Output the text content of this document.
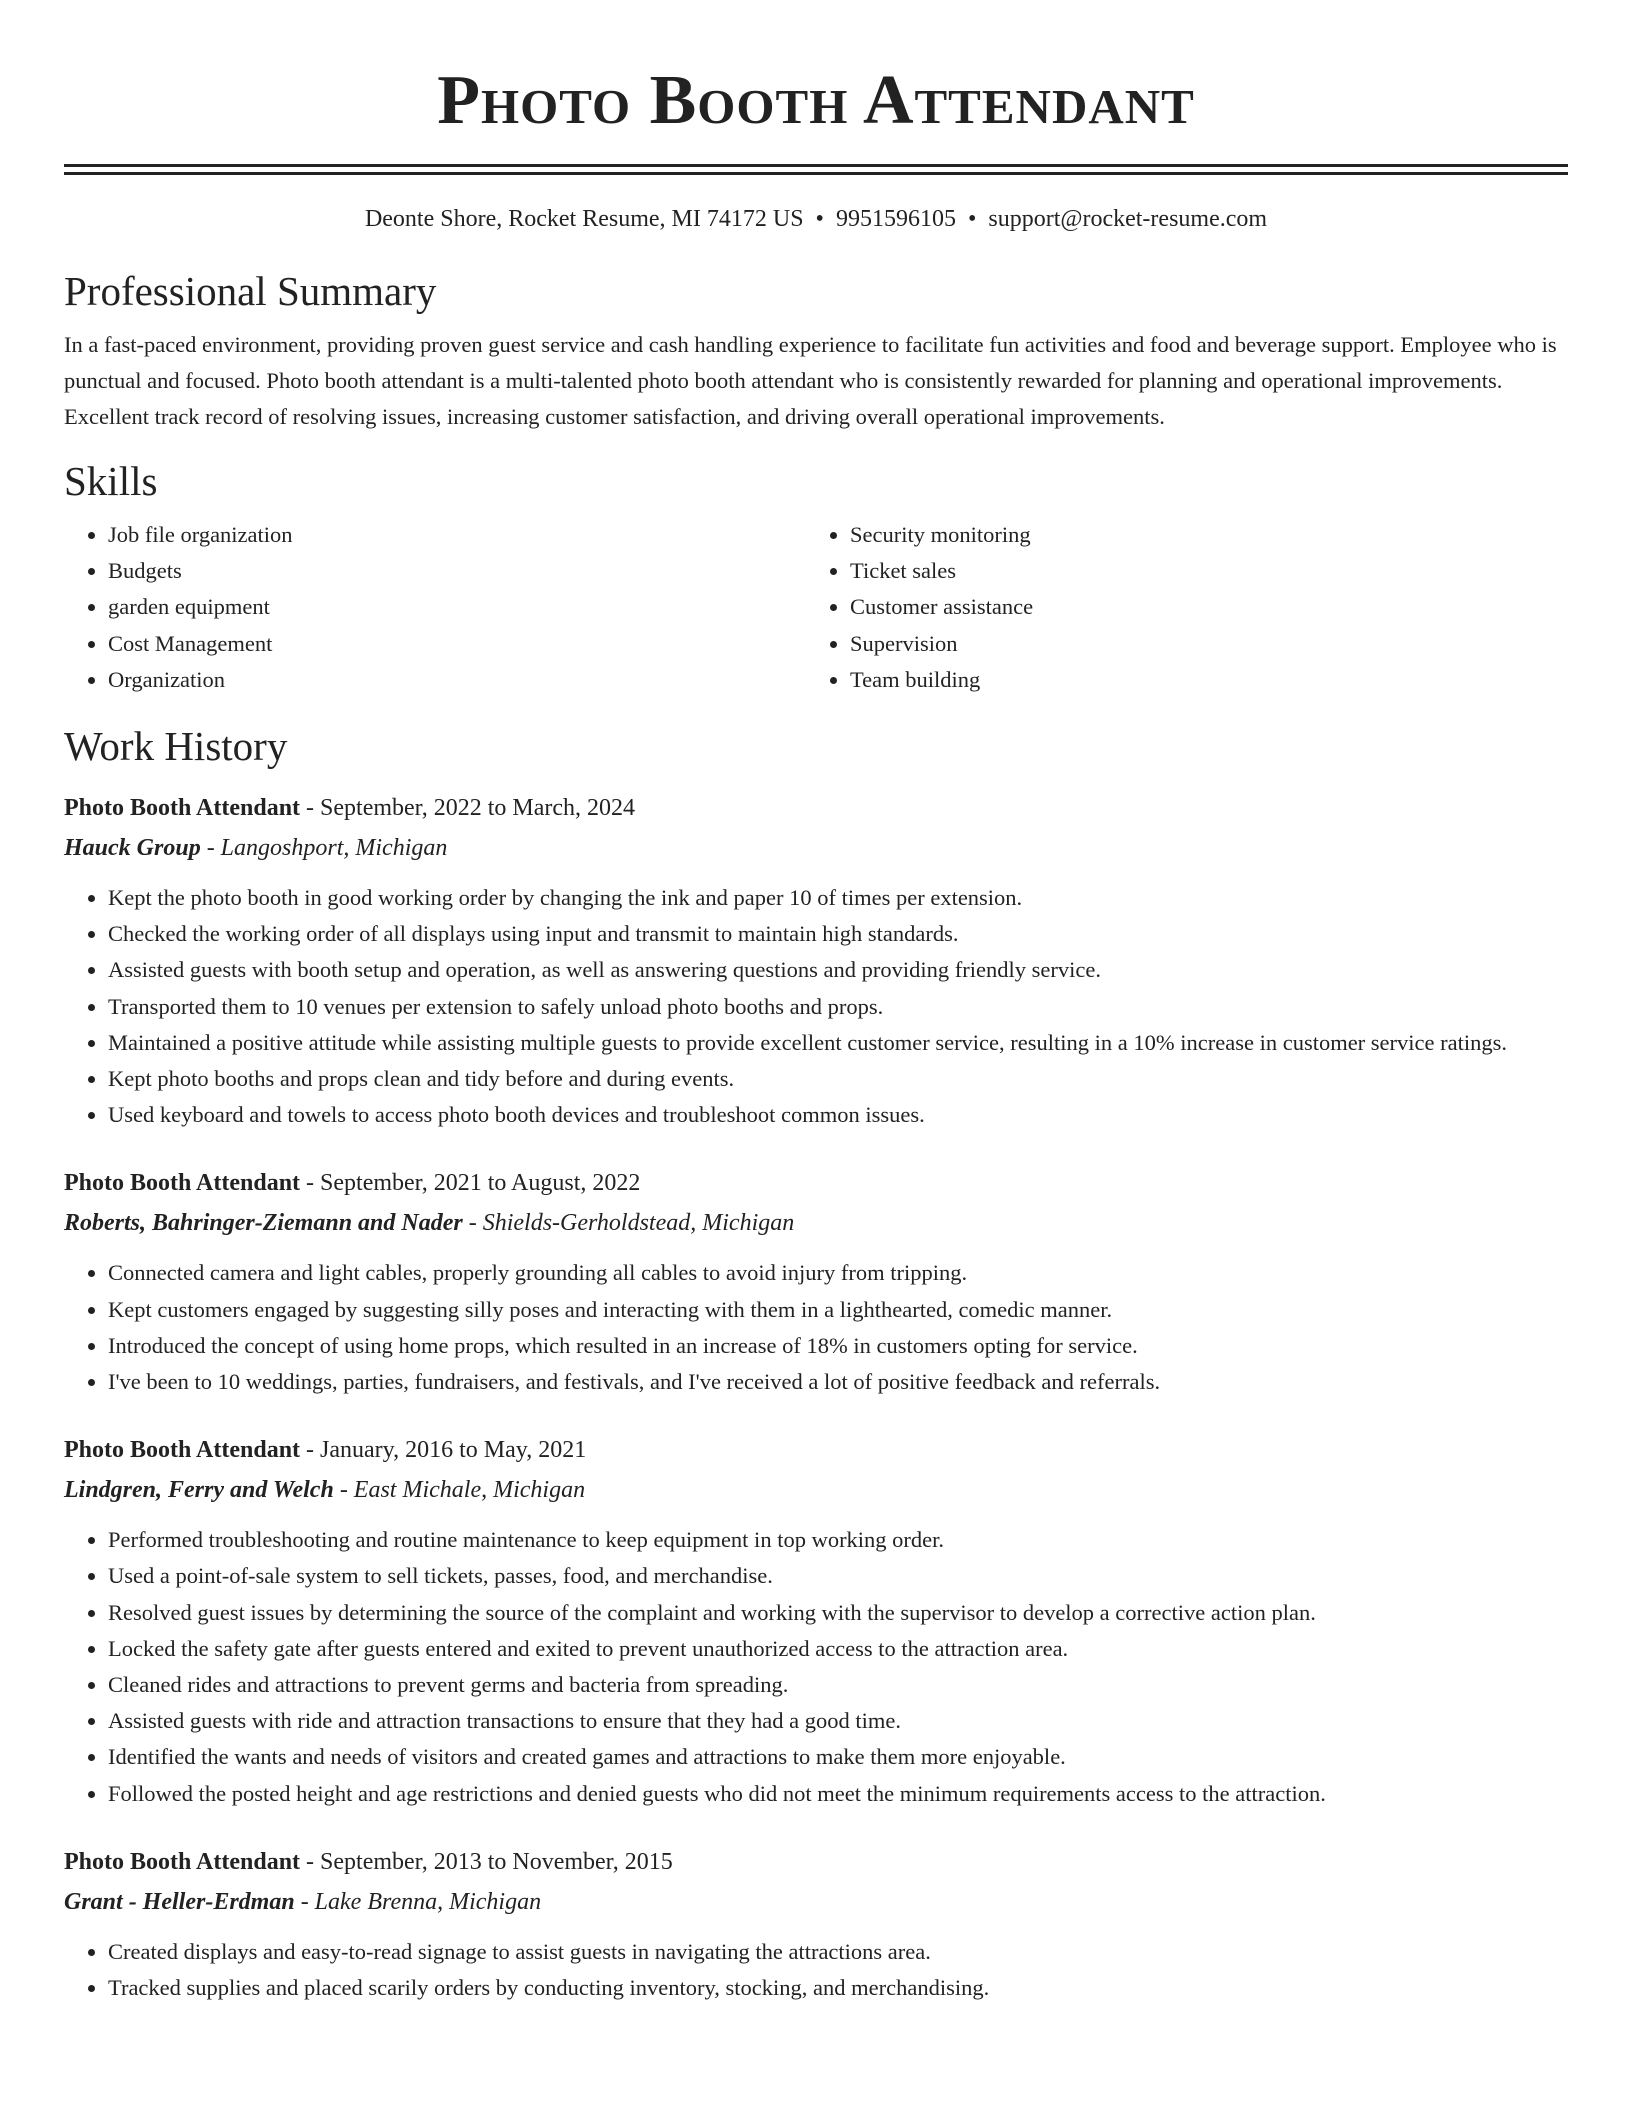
Photo Booth Attendant
Deonte Shore, Rocket Resume, MI 74172 US • 9951596105 • support@rocket-resume.com
Professional Summary

In a fast-paced environment, providing proven guest service and cash handling experience to facilitate fun activities and food and beverage support. Employee who is punctual and focused. Photo booth attendant is a multi-talented photo booth attendant who is consistently rewarded for planning and operational improvements. Excellent track record of resolving issues, increasing customer satisfaction, and driving overall operational improvements.

Skills
• Job file organization
• Budgets
• garden equipment
• Cost Management
• Organization
• Security monitoring
• Ticket sales
• Customer assistance
• Supervision
• Team building
Work History
Photo Booth Attendant - September, 2022 to March, 2024
Hauck Group - Langoshport, Michigan
• Kept the photo booth in good working order by changing the ink and paper 10 of times per extension.
• Checked the working order of all displays using input and transmit to maintain high standards.
• Assisted guests with booth setup and operation, as well as answering questions and providing friendly service.
• Transported them to 10 venues per extension to safely unload photo booths and props.
• Maintained a positive attitude while assisting multiple guests to provide excellent customer service, resulting in a 10% increase in customer service ratings.
• Kept photo booths and props clean and tidy before and during events.
• Used keyboard and towels to access photo booth devices and troubleshoot common issues.
Photo Booth Attendant - September, 2021 to August, 2022
Roberts, Bahringer-Ziemann and Nader - Shields-Gerholdstead, Michigan
• Connected camera and light cables, properly grounding all cables to avoid injury from tripping.
• Kept customers engaged by suggesting silly poses and interacting with them in a lighthearted, comedic manner.
• Introduced the concept of using home props, which resulted in an increase of 18% in customers opting for service.
• I've been to 10 weddings, parties, fundraisers, and festivals, and I've received a lot of positive feedback and referrals.
Photo Booth Attendant - January, 2016 to May, 2021
Lindgren, Ferry and Welch - East Michale, Michigan
• Performed troubleshooting and routine maintenance to keep equipment in top working order.
• Used a point-of-sale system to sell tickets, passes, food, and merchandise.
• Resolved guest issues by determining the source of the complaint and working with the supervisor to develop a corrective action plan.
• Locked the safety gate after guests entered and exited to prevent unauthorized access to the attraction area.
• Cleaned rides and attractions to prevent germs and bacteria from spreading.
• Assisted guests with ride and attraction transactions to ensure that they had a good time.
• Identified the wants and needs of visitors and created games and attractions to make them more enjoyable.
• Followed the posted height and age restrictions and denied guests who did not meet the minimum requirements access to the attraction.
Photo Booth Attendant - September, 2013 to November, 2015
Grant - Heller-Erdman - Lake Brenna, Michigan
• Created displays and easy-to-read signage to assist guests in navigating the attractions area.
• Tracked supplies and placed scarily orders by conducting inventory, stocking, and merchandising.
